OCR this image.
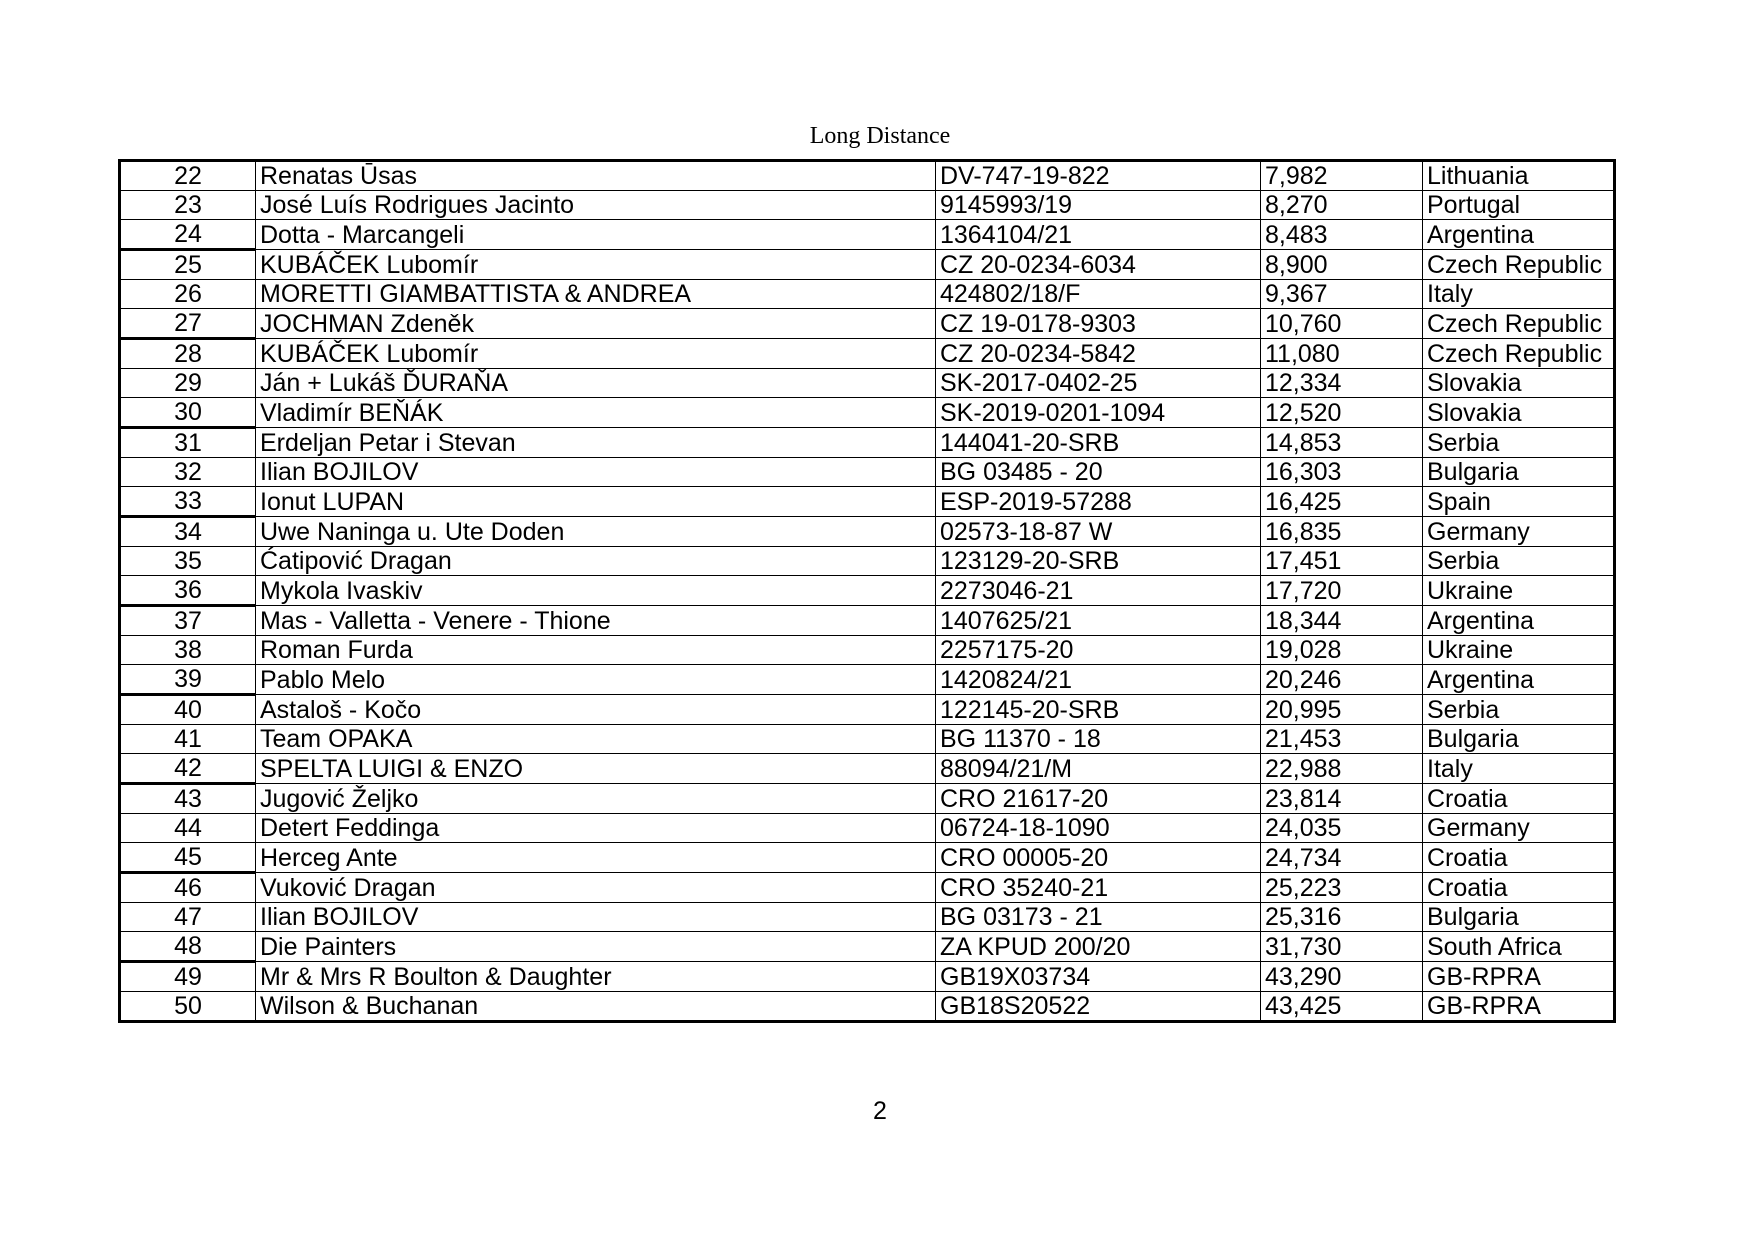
Long Distance
22	Renatas Ūsas	DV-747-19-822	7,982	Lithuania
23	José Luís Rodrigues Jacinto	9145993/19	8,270	Portugal
24	Dotta - Marcangeli	1364104/21	8,483	Argentina
25	KUBÁČEK Lubomír	CZ 20-0234-6034	8,900	Czech Republic
26	MORETTI GIAMBATTISTA & ANDREA	424802/18/F	9,367	Italy
27	JOCHMAN Zdeněk	CZ 19-0178-9303	10,760	Czech Republic
28	KUBÁČEK Lubomír	CZ 20-0234-5842	11,080	Czech Republic
29	Ján + Lukáš ĎURAŇA	SK-2017-0402-25	12,334	Slovakia
30	Vladimír BEŇÁK	SK-2019-0201-1094	12,520	Slovakia
31	Erdeljan Petar i Stevan	144041-20-SRB	14,853	Serbia
32	Ilian BOJILOV	BG 03485 - 20	16,303	Bulgaria
33	Ionut LUPAN	ESP-2019-57288	16,425	Spain
34	Uwe Naninga u. Ute Doden	02573-18-87 W	16,835	Germany
35	Ćatipović Dragan	123129-20-SRB	17,451	Serbia
36	Mykola Ivaskiv	2273046-21	17,720	Ukraine
37	Mas - Valletta - Venere - Thione	1407625/21	18,344	Argentina
38	Roman Furda	2257175-20	19,028	Ukraine
39	Pablo Melo	1420824/21	20,246	Argentina
40	Astaloš - Kočo	122145-20-SRB	20,995	Serbia
41	Team OPAKA	BG 11370 - 18	21,453	Bulgaria
42	SPELTA LUIGI & ENZO	88094/21/M	22,988	Italy
43	Jugović Željko	CRO 21617-20	23,814	Croatia
44	Detert Feddinga	06724-18-1090	24,035	Germany
45	Herceg Ante	CRO 00005-20	24,734	Croatia
46	Vuković Dragan	CRO 35240-21	25,223	Croatia
47	Ilian BOJILOV	BG 03173 - 21	25,316	Bulgaria
48	Die Painters	ZA KPUD 200/20	31,730	South Africa
49	Mr & Mrs R Boulton & Daughter	GB19X03734	43,290	GB-RPRA
50	Wilson & Buchanan	GB18S20522	43,425	GB-RPRA
2
